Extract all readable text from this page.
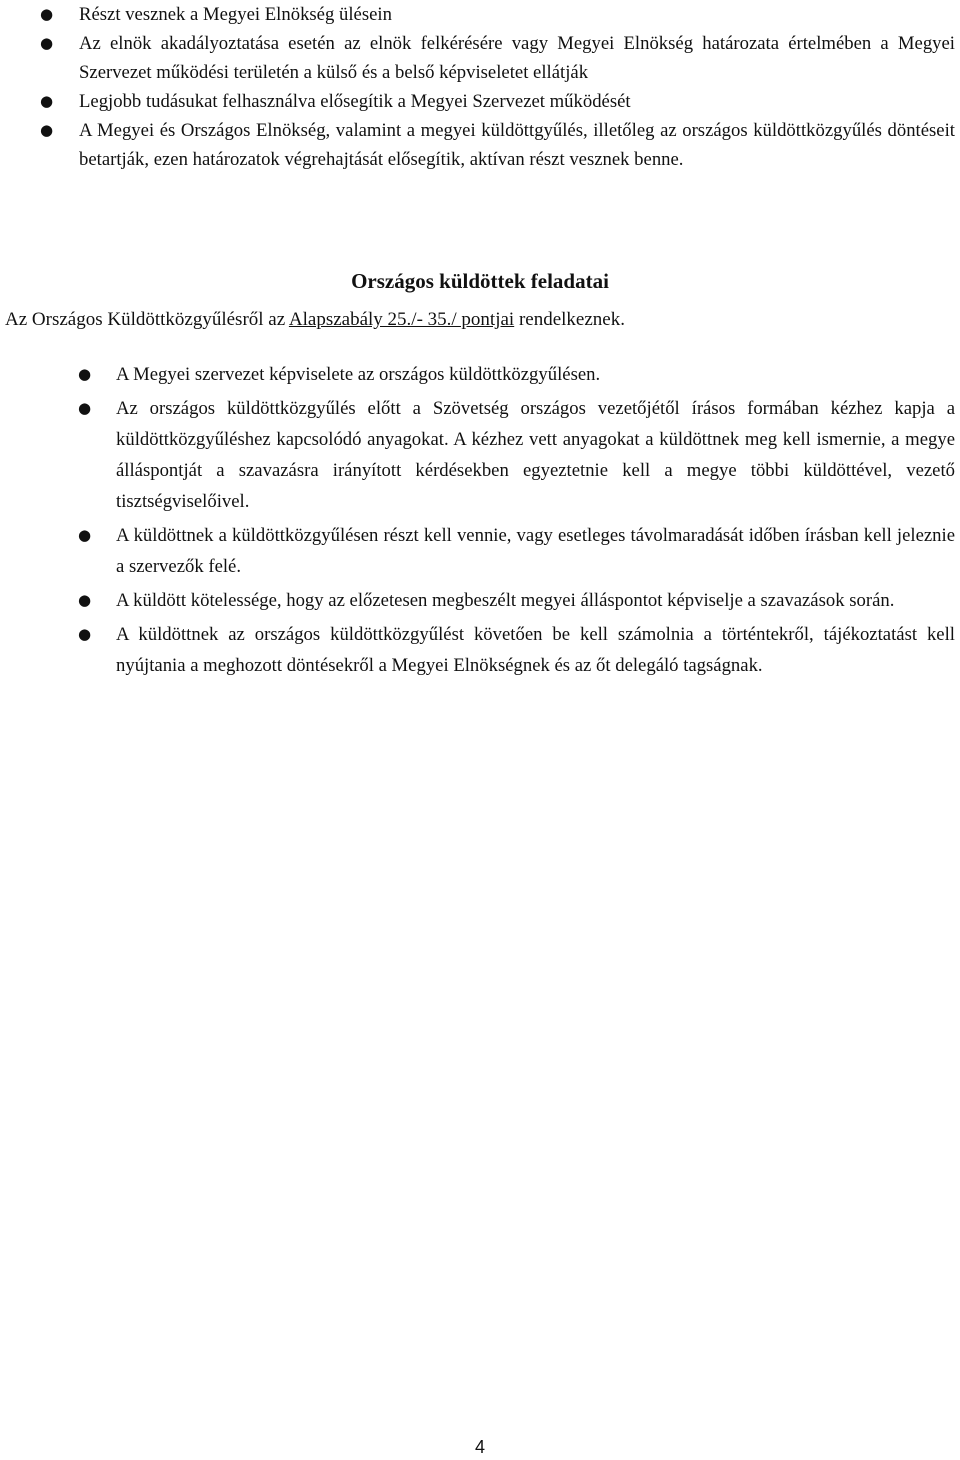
● Részt vesznek a Megyei Elnökség ülésein
● Az elnök akadályoztatása esetén az elnök felkérésére vagy Megyei Elnökség határozata értelmében a Megyei Szervezet működési területén a külső és a belső képviseletet ellátják
● Legjobb tudásukat felhasználva elősegítik a Megyei Szervezet működését
● A Megyei és Országos Elnökség, valamint a megyei küldöttgyűlés, illetőleg az országos küldöttközgyűlés döntéseit betartják, ezen határozatok végrehajtását elősegítik, aktívan részt vesznek benne.
Országos küldöttek feladatai

Az Országos Küldöttközgyűlésről az Alapszabály 25./- 35./ pontjai rendelkeznek.

● A Megyei szervezet képviselete az országos küldöttközgyűlésen.
● Az országos küldöttközgyűlés előtt a Szövetség országos vezetőjétől írásos formában kézhez kapja a küldöttközgyűléshez kapcsolódó anyagokat. A kézhez vett anyagokat a küldöttnek meg kell ismernie, a megye álláspontját a szavazásra irányított kérdésekben egyeztetnie kell a megye többi küldöttével, vezető tisztségviselőivel.
● A küldöttnek a küldöttközgyűlésen részt kell vennie, vagy esetleges távolmaradását időben írásban kell jeleznie a szervezők felé.
● A küldött kötelessége, hogy az előzetesen megbeszélt megyei álláspontot képviselje a szavazások során.
● A küldöttnek az országos küldöttközgyűlést követően be kell számolnia a történtekről, tájékoztatást kell nyújtania a meghozott döntésekről a Megyei Elnökségnek és az őt delegáló tagságnak.
4
